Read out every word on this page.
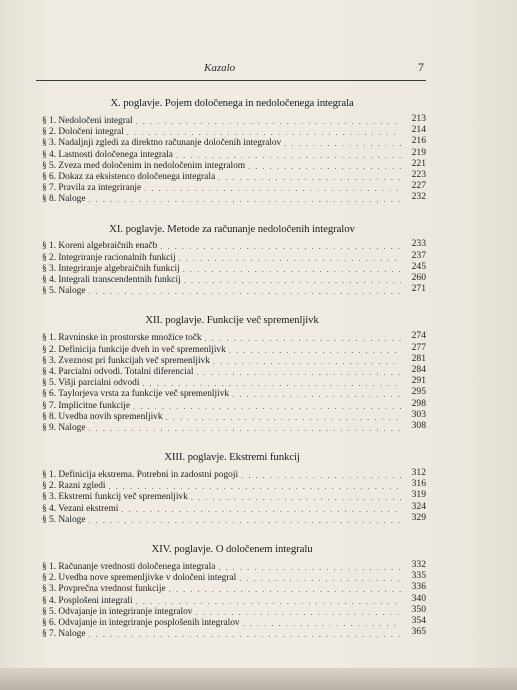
Kazalo	7
X. poglavje. Pojem določenega in nedoločenega integrala
§ 1. Nedoločeni integral . . .	213
§ 2. Določeni integral . . .	214
§ 3. Nadaljnji zgledi za direktno računanje določenih integralov . . .	216
§ 4. Lastnosti določenega integrala . . .	219
§ 5. Zveza med določenim in nedoločenim integralom . . .	221
§ 6. Dokaz za eksistenco določenega integrala . . .	223
§ 7. Pravila za integriranje . . .	227
§ 8. Naloge . . .	232
XI. poglavje. Metode za računanje nedoločenih integralov
§ 1. Koreni algebraičnih enačb . . .	233
§ 2. Integriranje racionalnih funkcij . . .	237
§ 3. Integriranje algebraičnih funkcij . . .	245
§ 4. Integrali transcendentnih funkcij . . .	260
§ 5. Naloge . . .	271
XII. poglavje. Funkcije več spremenljivk
§ 1. Ravninske in prostorske množice točk . . .	274
§ 2. Definicija funkcije dveh in več spremenljivk . . .	277
§ 3. Zveznost pri funkcijah več spremenljivk . . .	281
§ 4. Parcialni odvodi. Totalni diferencial . . .	284
§ 5. Višji parcialni odvodi . . .	291
§ 6. Taylorjeva vrsta za funkcije več spremenljivk . . .	295
§ 7. Implicitne funkcije . . .	298
§ 8. Uvedba novih spremenljivk . . .	303
§ 9. Naloge . . .	308
XIII. poglavje. Ekstremi funkcij
§ 1. Definicija ekstrema. Potrebni in zadostni pogoji . . .	312
§ 2. Razni zgledi . . .	316
§ 3. Ekstremi funkcij več spremenljivk . . .	319
§ 4. Vezani ekstremi . . .	324
§ 5. Naloge . . .	329
XIV. poglavje. O določenem integralu
§ 1. Računanje vrednosti določenega integrala . . .	332
§ 2. Uvedba nove spremenljivke v določeni integral . . .	335
§ 3. Povprečna vrednost funkcije . . .	336
§ 4. Posplošeni integrali . . .	340
§ 5. Odvajanje in integriranje integralov . . .	350
§ 6. Odvajanje in integriranje posplošenih integralov . . .	354
§ 7. Naloge . . .	365
